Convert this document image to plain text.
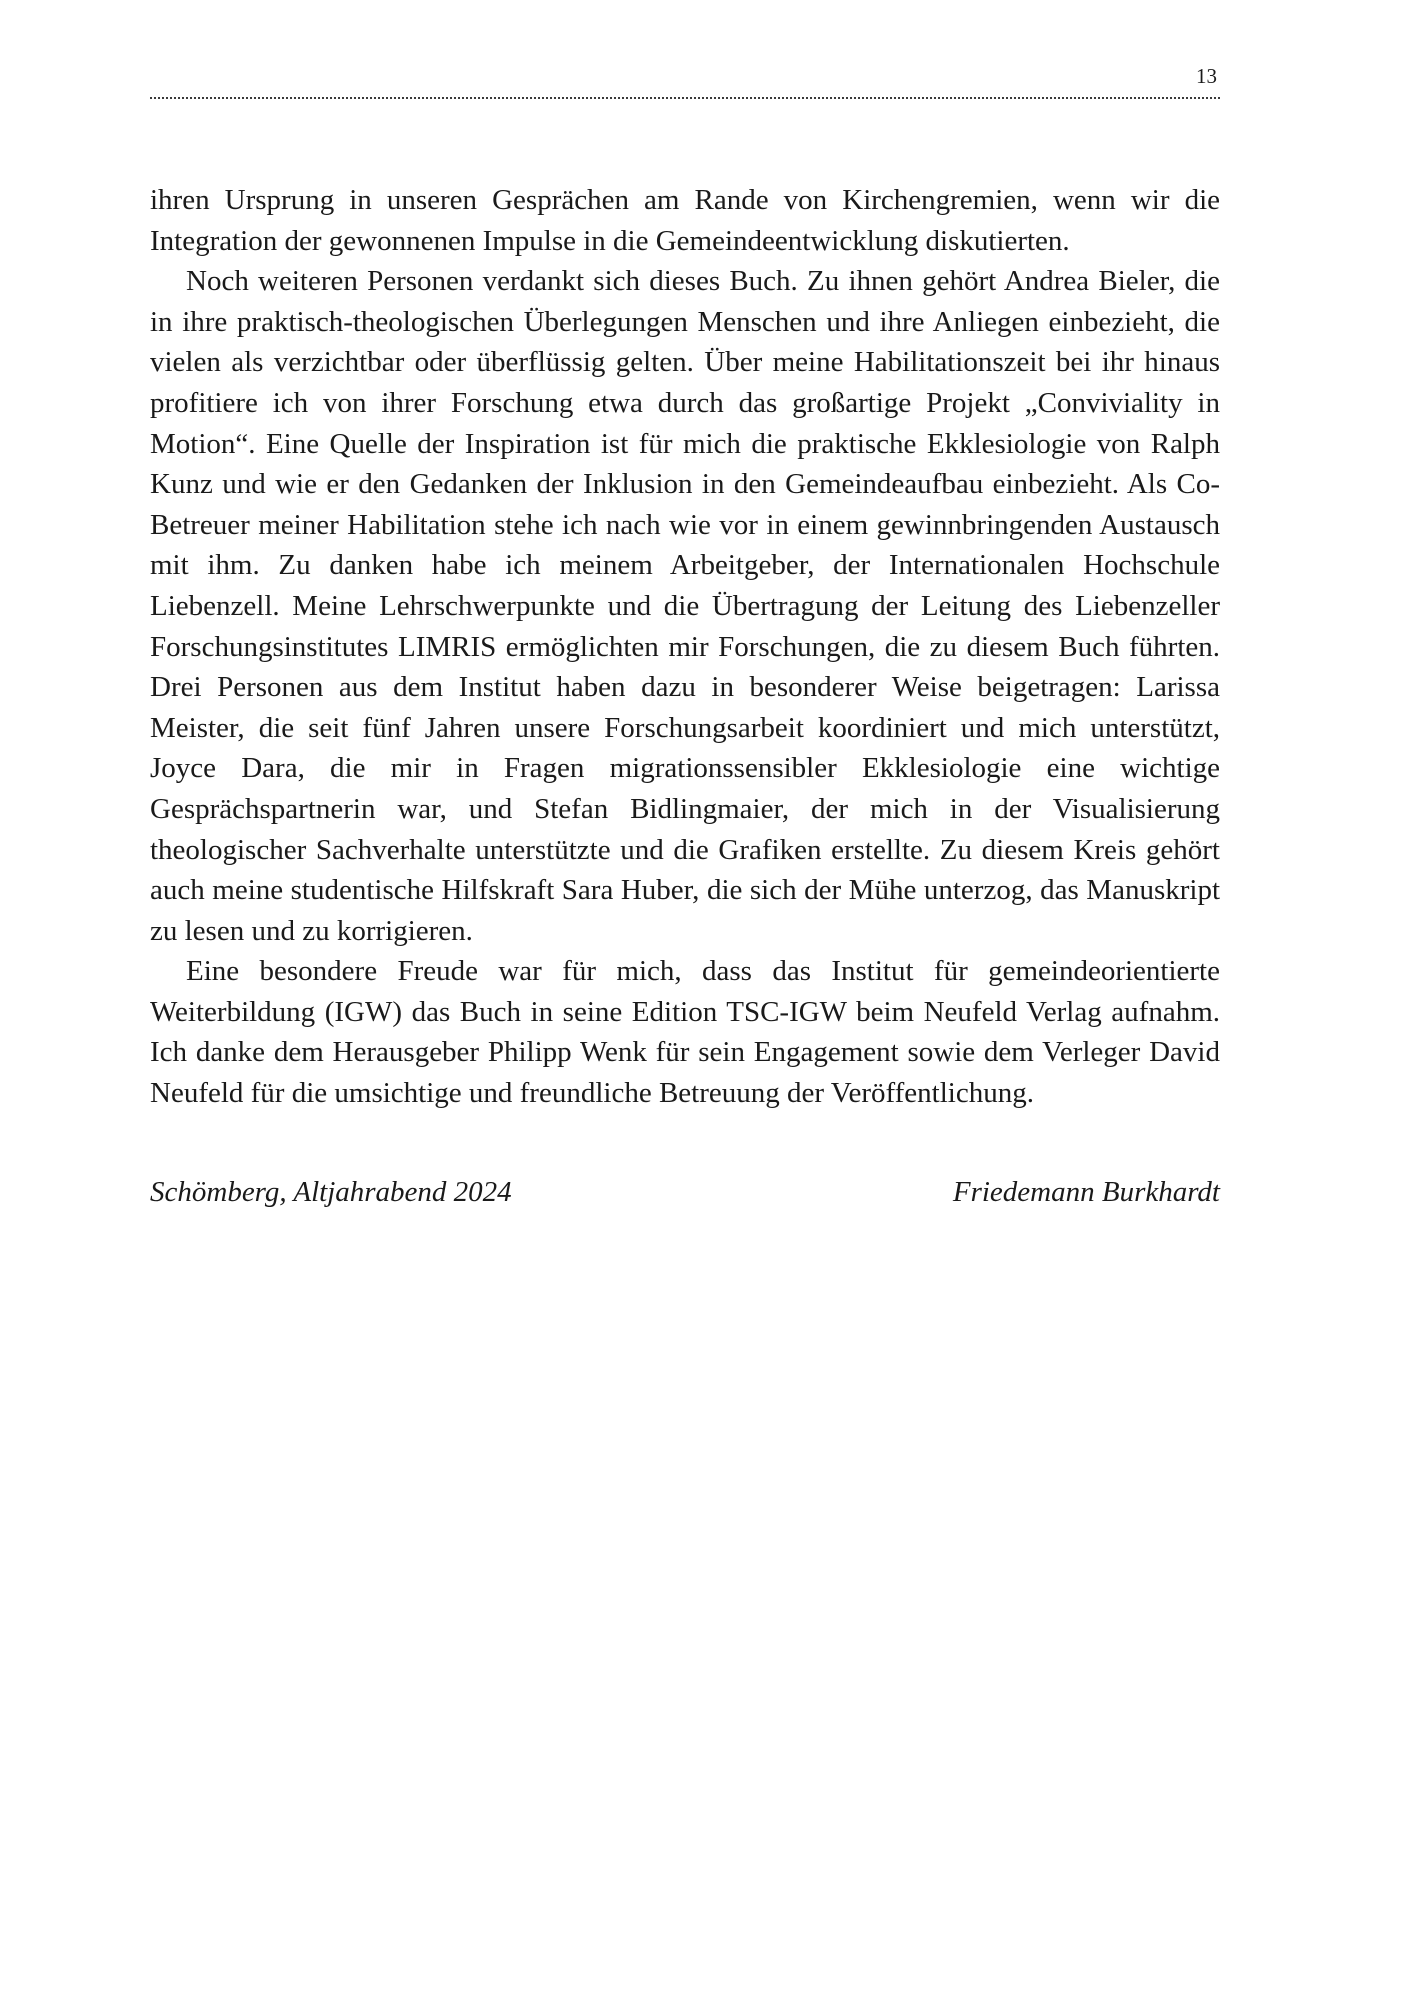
13

ihren Ursprung in unseren Gesprächen am Rande von Kirchengremien, wenn wir die Integration der gewonnenen Impulse in die Gemeindeentwicklung diskutierten.

Noch weiteren Personen verdankt sich dieses Buch. Zu ihnen gehört Andrea Bieler, die in ihre praktisch-theologischen Überlegungen Menschen und ihre Anliegen einbezieht, die vielen als verzichtbar oder überflüssig gelten. Über meine Habilitationszeit bei ihr hinaus profitiere ich von ihrer Forschung etwa durch das großartige Projekt „Conviviality in Motion“. Eine Quelle der Inspiration ist für mich die praktische Ekklesiologie von Ralph Kunz und wie er den Gedanken der Inklusion in den Gemeindeaufbau einbezieht. Als Co-Betreuer meiner Habilitation stehe ich nach wie vor in einem gewinnbringenden Austausch mit ihm. Zu danken habe ich meinem Arbeitgeber, der Internationalen Hochschule Liebenzell. Meine Lehrschwerpunkte und die Übertragung der Leitung des Liebenzeller Forschungsinstitutes LIMRIS ermöglichten mir Forschungen, die zu diesem Buch führten. Drei Personen aus dem Institut haben dazu in besonderer Weise beigetragen: Larissa Meister, die seit fünf Jahren unsere Forschungsarbeit koordiniert und mich unterstützt, Joyce Dara, die mir in Fragen migrationssensibler Ekklesiologie eine wichtige Gesprächspartnerin war, und Stefan Bidlingmaier, der mich in der Visualisierung theologischer Sachverhalte unterstützte und die Grafiken erstellte. Zu diesem Kreis gehört auch meine studentische Hilfskraft Sara Huber, die sich der Mühe unterzog, das Manuskript zu lesen und zu korrigieren.

Eine besondere Freude war für mich, dass das Institut für gemeindeorientierte Weiterbildung (IGW) das Buch in seine Edition TSC-IGW beim Neufeld Verlag aufnahm. Ich danke dem Herausgeber Philipp Wenk für sein Engagement sowie dem Verleger David Neufeld für die umsichtige und freundliche Betreuung der Veröffentlichung.

Schömberg, Altjahrabend 2024	Friedemann Burkhardt
